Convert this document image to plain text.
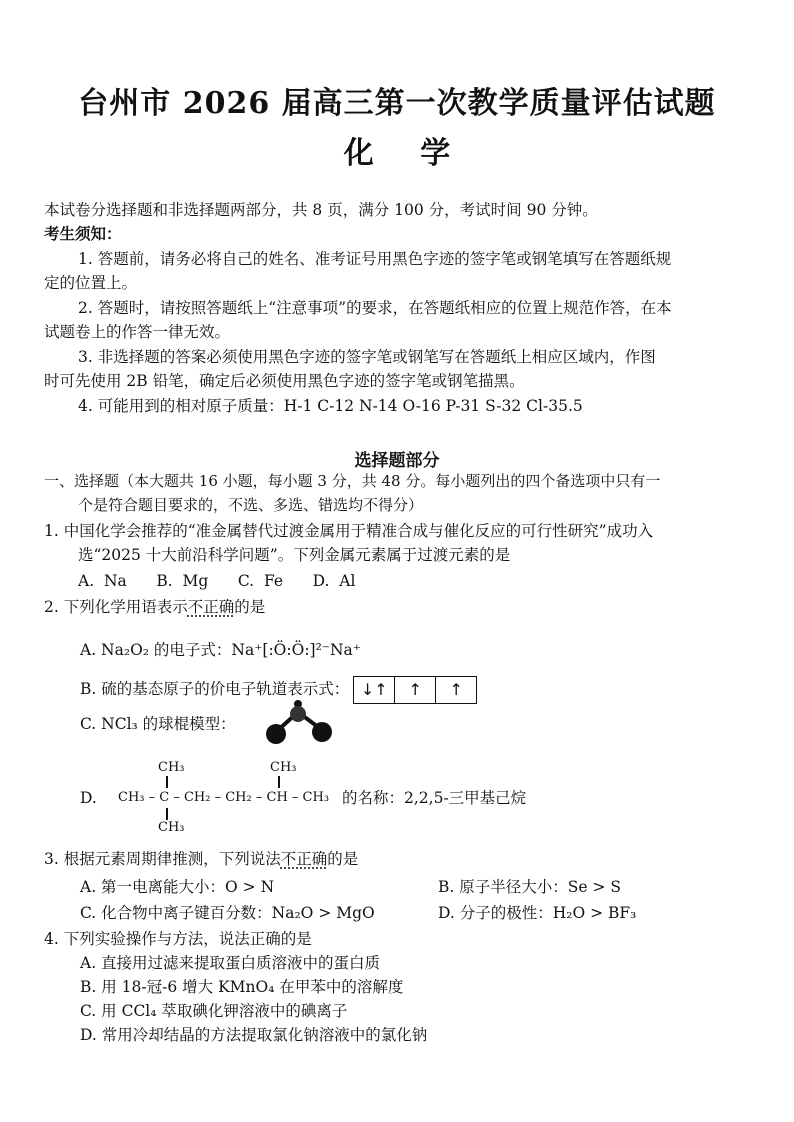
台州市 2026 届高三第一次教学质量评估试题
化 学
本试卷分选择题和非选择题两部分，共 8 页，满分 100 分，考试时间 90 分钟。
考生须知：
1. 答题前，请务必将自己的姓名、准考证号用黑色字迹的签字笔或钢笔填写在答题纸规
定的位置上。
2. 答题时，请按照答题纸上“注意事项”的要求，在答题纸相应的位置上规范作答，在本
试题卷上的作答一律无效。
3. 非选择题的答案必须使用黑色字迹的签字笔或钢笔写在答题纸上相应区域内，作图
时可先使用 2B 铅笔，确定后必须使用黑色字迹的签字笔或钢笔描黑。
4. 可能用到的相对原子质量：H-1 C-12 N-14 O-16 P-31 S-32 Cl-35.5
选择题部分
一、选择题（本大题共 16 小题，每小题 3 分，共 48 分。每小题列出的四个备选项中只有一
个是符合题目要求的，不选、多选、错选均不得分）
1. 中国化学会推荐的“准金属替代过渡金属用于精准合成与催化反应的可行性研究”成功入
选“2025 十大前沿科学问题”。下列金属元素属于过渡元素的是
A.  Na      B.  Mg      C.  Fe      D.  Al
2. 下列化学用语表示不正确的是
A. Na₂O₂ 的电子式：Na⁺[:Ö:Ö:]²⁻Na⁺
B. 硫的基态原子的价电子轨道表示式： ↓↑ ↑ ↑
C. NCl₃ 的球棍模型：
D.
CH₃	CH₃
CH₃ – C – CH₂ – CH₂ – CH – CH₃
CH₃
的名称：2,2,5-三甲基己烷
3. 根据元素周期律推测，下列说法不正确的是
A. 第一电离能大小：O > N	B. 原子半径大小：Se > S
C. 化合物中离子键百分数：Na₂O > MgO	D. 分子的极性：H₂O > BF₃
4. 下列实验操作与方法，说法正确的是
A. 直接用过滤来提取蛋白质溶液中的蛋白质
B. 用 18-冠-6 增大 KMnO₄ 在甲苯中的溶解度
C. 用 CCl₄ 萃取碘化钾溶液中的碘离子
D. 常用冷却结晶的方法提取氯化钠溶液中的氯化钠
